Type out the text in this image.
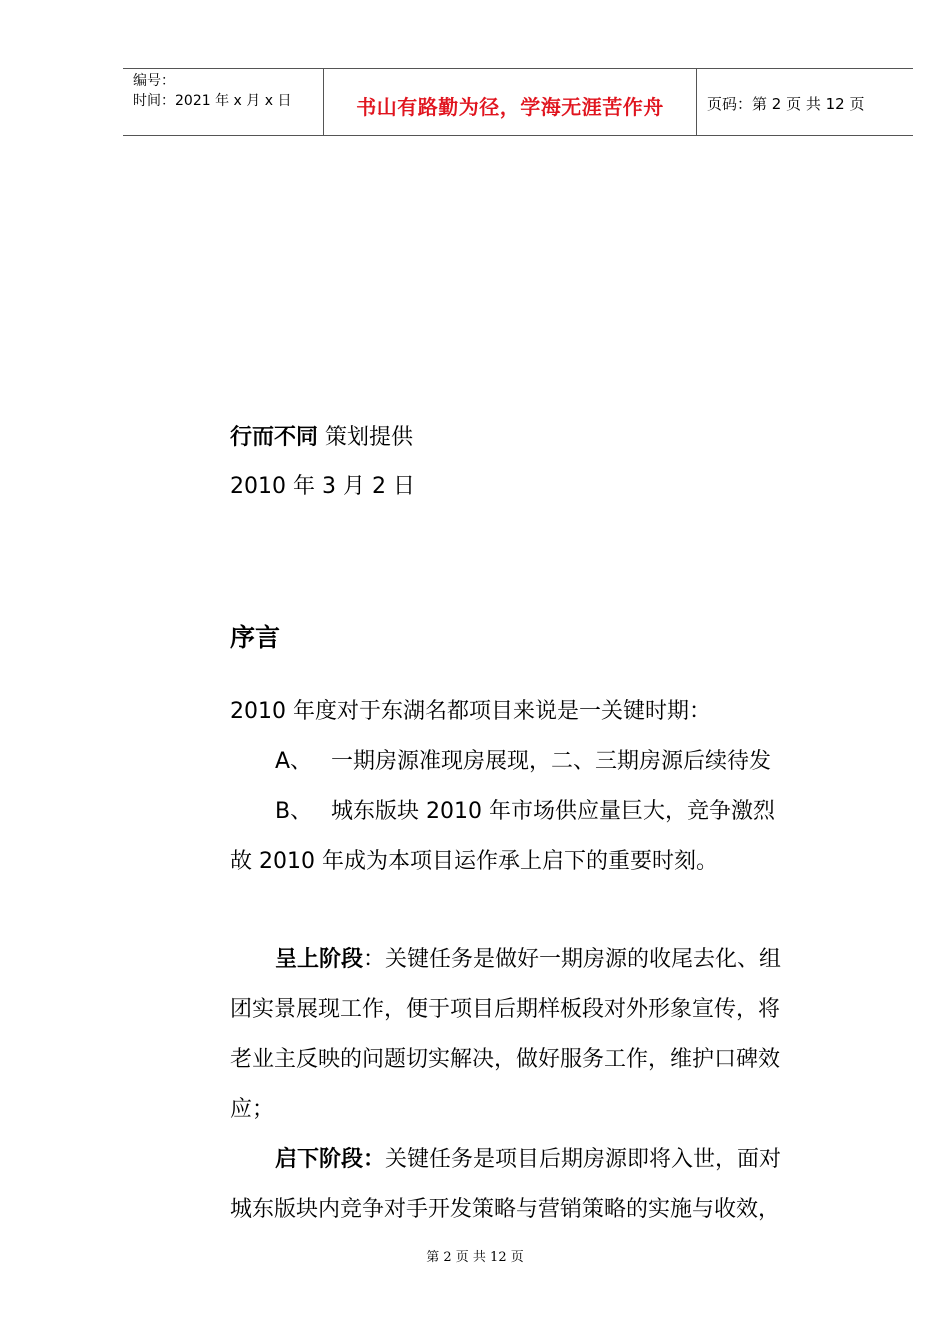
编号：
时间：2021 年 x 月 x 日	书山有路勤为径，学海无涯苦作舟	页码：第 2 页 共 12 页
行而不同 策划提供
2010 年 3 月 2 日
序言
2010 年度对于东湖名都项目来说是一关键时期：
A、 一期房源准现房展现，二、三期房源后续待发
B、 城东版块 2010 年市场供应量巨大，竞争激烈
故 2010 年成为本项目运作承上启下的重要时刻。
呈上阶段：关键任务是做好一期房源的收尾去化、组
团实景展现工作，便于项目后期样板段对外形象宣传，将
老业主反映的问题切实解决，做好服务工作，维护口碑效
应；
启下阶段：关键任务是项目后期房源即将入世，面对
城东版块内竞争对手开发策略与营销策略的实施与收效，
第 2 页 共 12 页
